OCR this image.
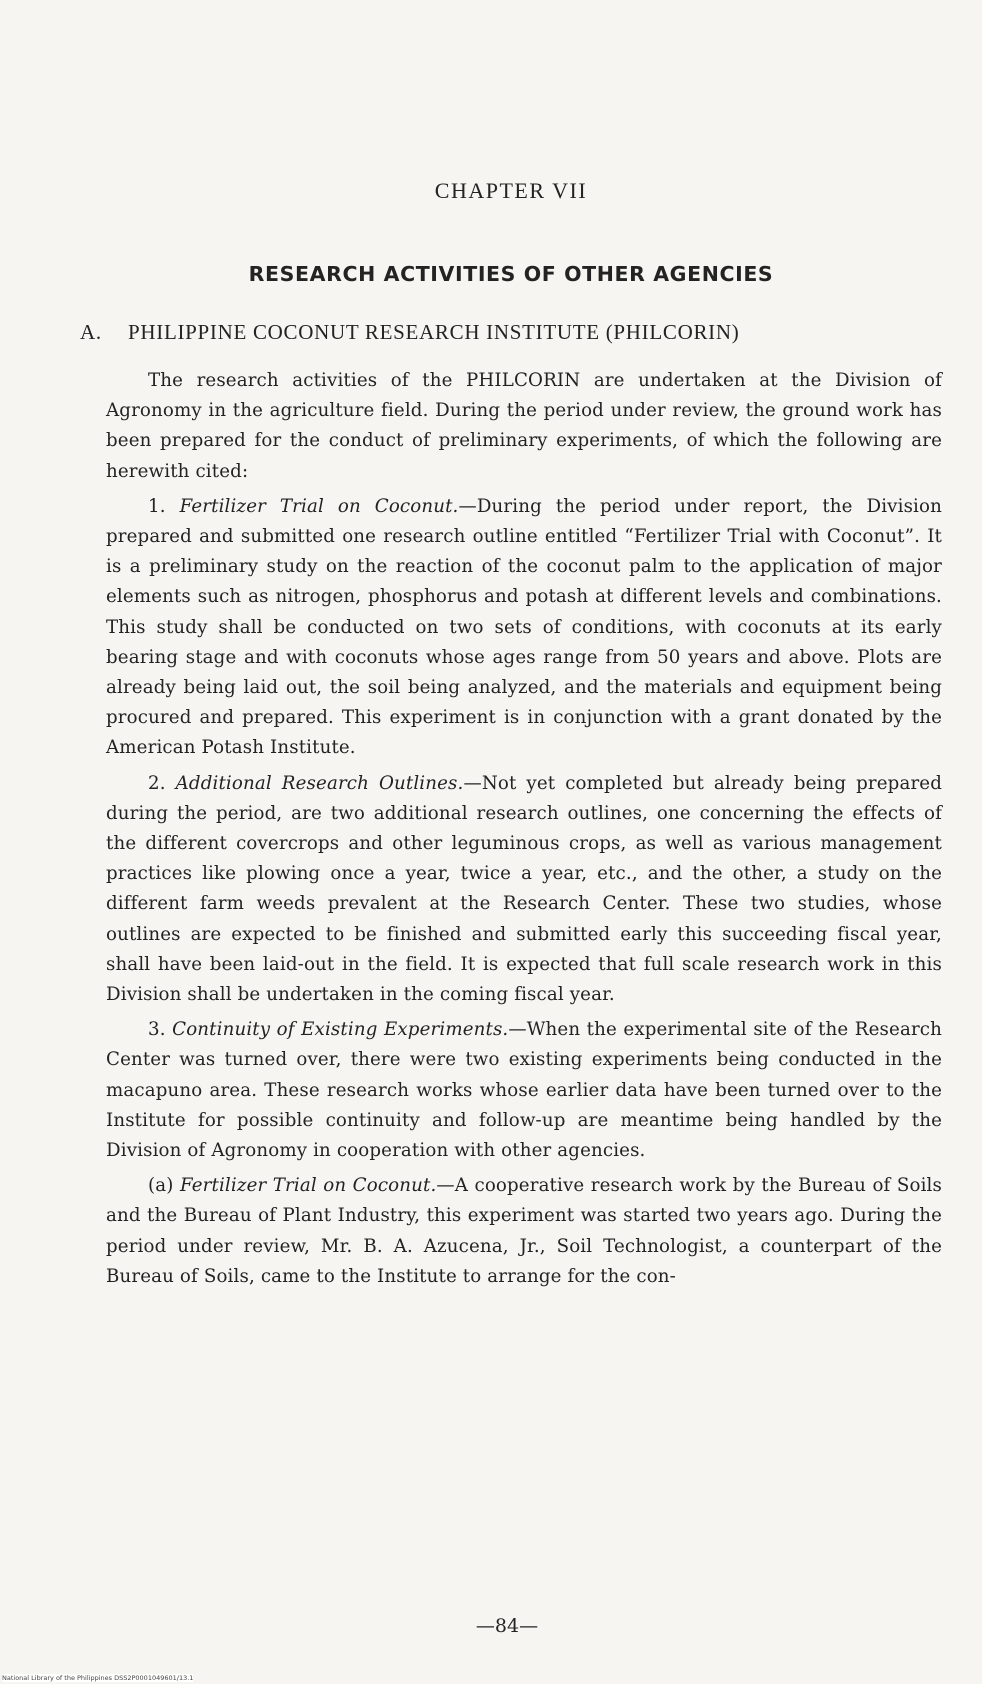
CHAPTER VII
RESEARCH ACTIVITIES OF OTHER AGENCIES
A. PHILIPPINE COCONUT RESEARCH INSTITUTE (PHILCORIN)

The research activities of the PHILCORIN are undertaken at the Division of Agronomy in the agriculture field. During the period under review, the ground work has been prepared for the conduct of preliminary experiments, of which the following are herewith cited:

1. Fertilizer Trial on Coconut.—During the period under report, the Division prepared and submitted one research outline entitled “Fertilizer Trial with Coconut”. It is a preliminary study on the reaction of the coconut palm to the application of major elements such as nitrogen, phosphorus and potash at different levels and combinations. This study shall be conducted on two sets of conditions, with coconuts at its early bearing stage and with coconuts whose ages range from 50 years and above. Plots are already being laid out, the soil being analyzed, and the materials and equipment being procured and prepared. This experiment is in conjunction with a grant donated by the American Potash Institute.

2. Additional Research Outlines.—Not yet completed but already being prepared during the period, are two additional research outlines, one concerning the effects of the different covercrops and other leguminous crops, as well as various management practices like plowing once a year, twice a year, etc., and the other, a study on the different farm weeds prevalent at the Research Center. These two studies, whose outlines are expected to be finished and submitted early this succeeding fiscal year, shall have been laid-out in the field. It is expected that full scale research work in this Division shall be undertaken in the coming fiscal year.

3. Continuity of Existing Experiments.—When the experimental site of the Research Center was turned over, there were two existing experiments being conducted in the macapuno area. These research works whose earlier data have been turned over to the Institute for possible continuity and follow-up are meantime being handled by the Division of Agronomy in cooperation with other agencies.

(a) Fertilizer Trial on Coconut.—A cooperative research work by the Bureau of Soils and the Bureau of Plant Industry, this experiment was started two years ago. During the period under review, Mr. B. A. Azucena, Jr., Soil Technologist, a counterpart of the Bureau of Soils, came to the Institute to arrange for the con-

—84—
National Library of the Philippines DSS2P0001049601/13.1
